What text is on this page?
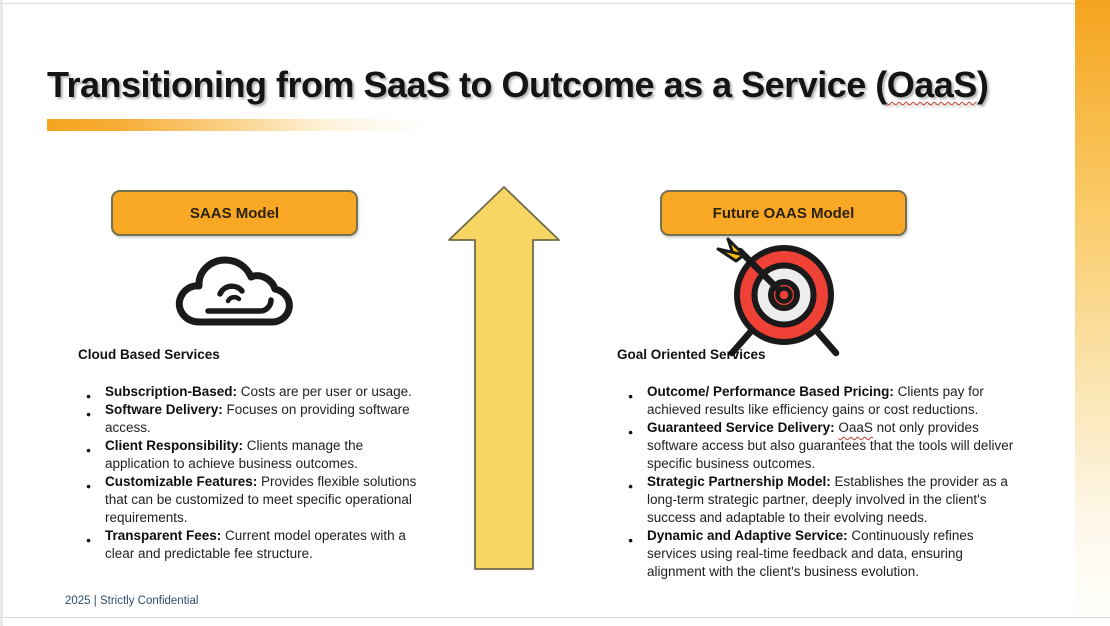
Transitioning from SaaS to Outcome as a Service (OaaS)
SAAS Model
Cloud Based Services
● Subscription-Based: Costs are per user or usage.
● Software Delivery: Focuses on providing software access.
● Client Responsibility: Clients manage the application to achieve business outcomes.
● Customizable Features: Provides flexible solutions that can be customized to meet specific operational requirements.
● Transparent Fees: Current model operates with a clear and predictable fee structure.
Future OAAS Model
Goal Oriented Services
● Outcome/ Performance Based Pricing: Clients pay for achieved results like efficiency gains or cost reductions.
● Guaranteed Service Delivery: OaaS not only provides software access but also guarantees that the tools will deliver specific business outcomes.
● Strategic Partnership Model: Establishes the provider as a long-term strategic partner, deeply involved in the client's success and adaptable to their evolving needs.
● Dynamic and Adaptive Service: Continuously refines services using real-time feedback and data, ensuring alignment with the client's business evolution.
2025 | Strictly Confidential
